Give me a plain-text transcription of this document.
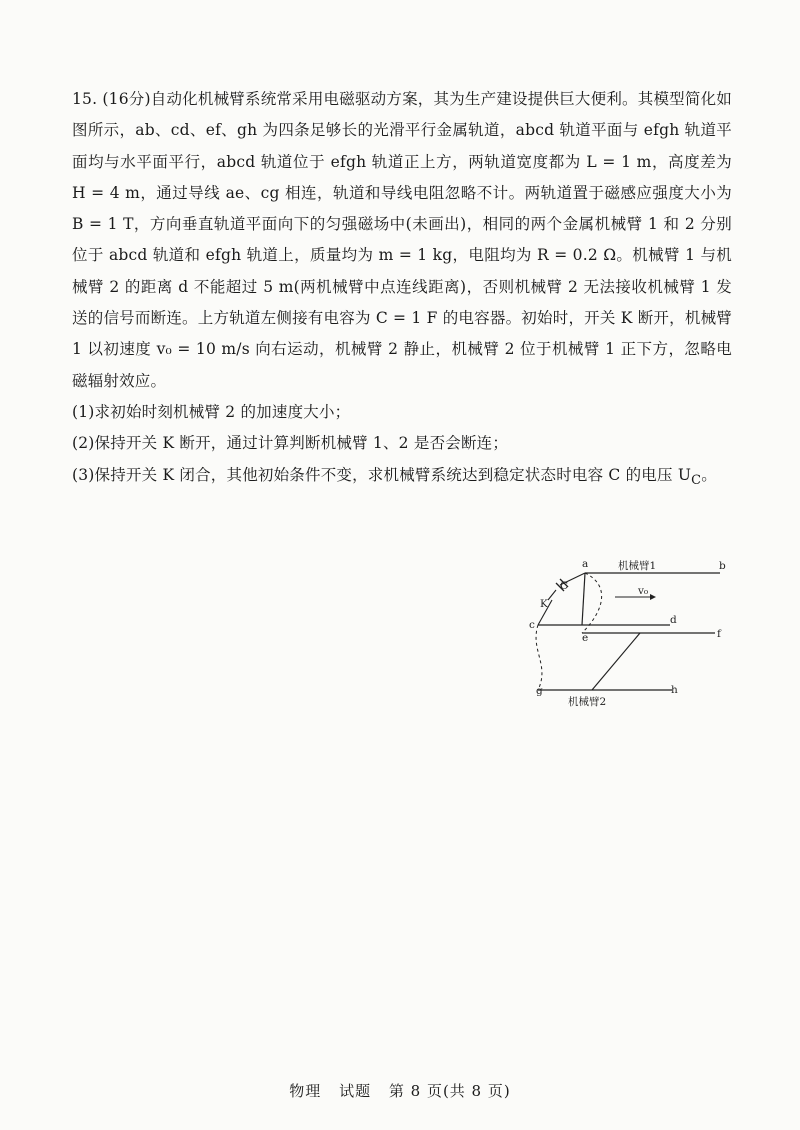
15. (16分)自动化机械臂系统常采用电磁驱动方案，其为生产建设提供巨大便利。其模型简化如图所示，ab、cd、ef、gh 为四条足够长的光滑平行金属轨道，abcd 轨道平面与 efgh 轨道平面均与水平面平行，abcd 轨道位于 efgh 轨道正上方，两轨道宽度都为 L = 1 m，高度差为 H = 4 m，通过导线 ae、cg 相连，轨道和导线电阻忽略不计。两轨道置于磁感应强度大小为 B = 1 T，方向垂直轨道平面向下的匀强磁场中(未画出)，相同的两个金属机械臂 1 和 2 分别位于 abcd 轨道和 efgh 轨道上，质量均为 m = 1 kg，电阻均为 R = 0.2 Ω。机械臂 1 与机械臂 2 的距离 d 不能超过 5 m(两机械臂中点连线距离)，否则机械臂 2 无法接收机械臂 1 发送的信号而断连。上方轨道左侧接有电容为 C = 1 F 的电容器。初始时，开关 K 断开，机械臂 1 以初速度 v₀ = 10 m/s 向右运动，机械臂 2 静止，机械臂 2 位于机械臂 1 正下方，忽略电磁辐射效应。

(1)求初始时刻机械臂 2 的加速度大小；

(2)保持开关 K 断开，通过计算判断机械臂 1、2 是否会断连；

(3)保持开关 K 闭合，其他初始条件不变，求机械臂系统达到稳定状态时电容 C 的电压 $U_C$。

机械臂1
机械臂2
a	b
c	d
e	f
g	h
C
K
v₀
物理 试题 第 8 页(共 8 页)
